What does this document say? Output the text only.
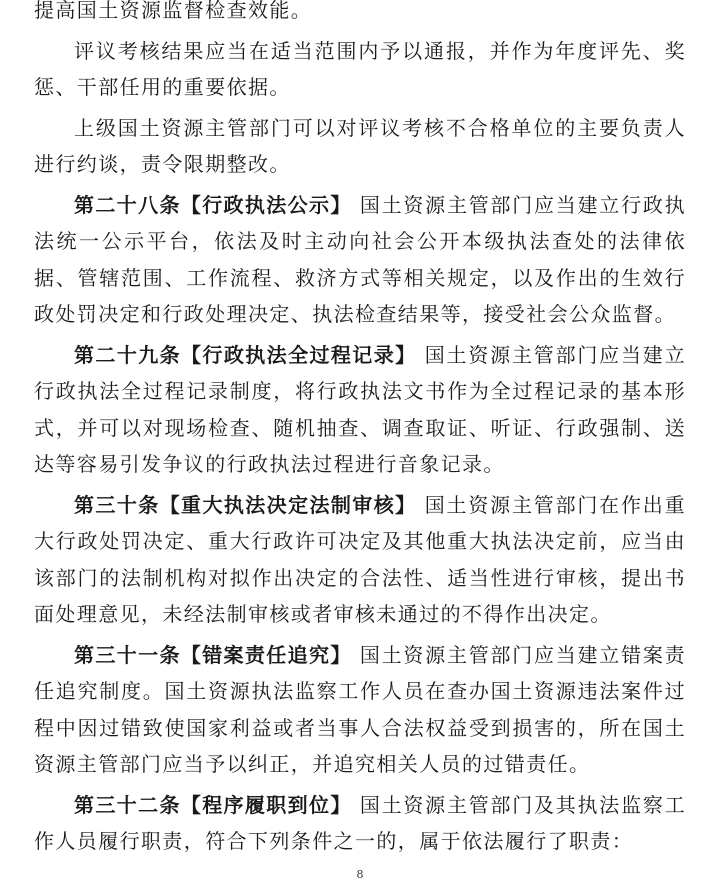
提高国土资源监督检查效能。

评议考核结果应当在适当范围内予以通报，并作为年度评先、奖惩、干部任用的重要依据。

上级国土资源主管部门可以对评议考核不合格单位的主要负责人进行约谈，责令限期整改。

第二十八条【行政执法公示】 国土资源主管部门应当建立行政执法统一公示平台，依法及时主动向社会公开本级执法查处的法律依据、管辖范围、工作流程、救济方式等相关规定，以及作出的生效行政处罚决定和行政处理决定、执法检查结果等，接受社会公众监督。

第二十九条【行政执法全过程记录】 国土资源主管部门应当建立行政执法全过程记录制度，将行政执法文书作为全过程记录的基本形式，并可以对现场检查、随机抽查、调查取证、听证、行政强制、送达等容易引发争议的行政执法过程进行音象记录。

第三十条【重大执法决定法制审核】 国土资源主管部门在作出重大行政处罚决定、重大行政许可决定及其他重大执法决定前，应当由该部门的法制机构对拟作出决定的合法性、适当性进行审核，提出书面处理意见，未经法制审核或者审核未通过的不得作出决定。

第三十一条【错案责任追究】 国土资源主管部门应当建立错案责任追究制度。国土资源执法监察工作人员在查办国土资源违法案件过程中因过错致使国家利益或者当事人合法权益受到损害的，所在国土资源主管部门应当予以纠正，并追究相关人员的过错责任。

第三十二条【程序履职到位】 国土资源主管部门及其执法监察工作人员履行职责，符合下列条件之一的，属于依法履行了职责：

8
